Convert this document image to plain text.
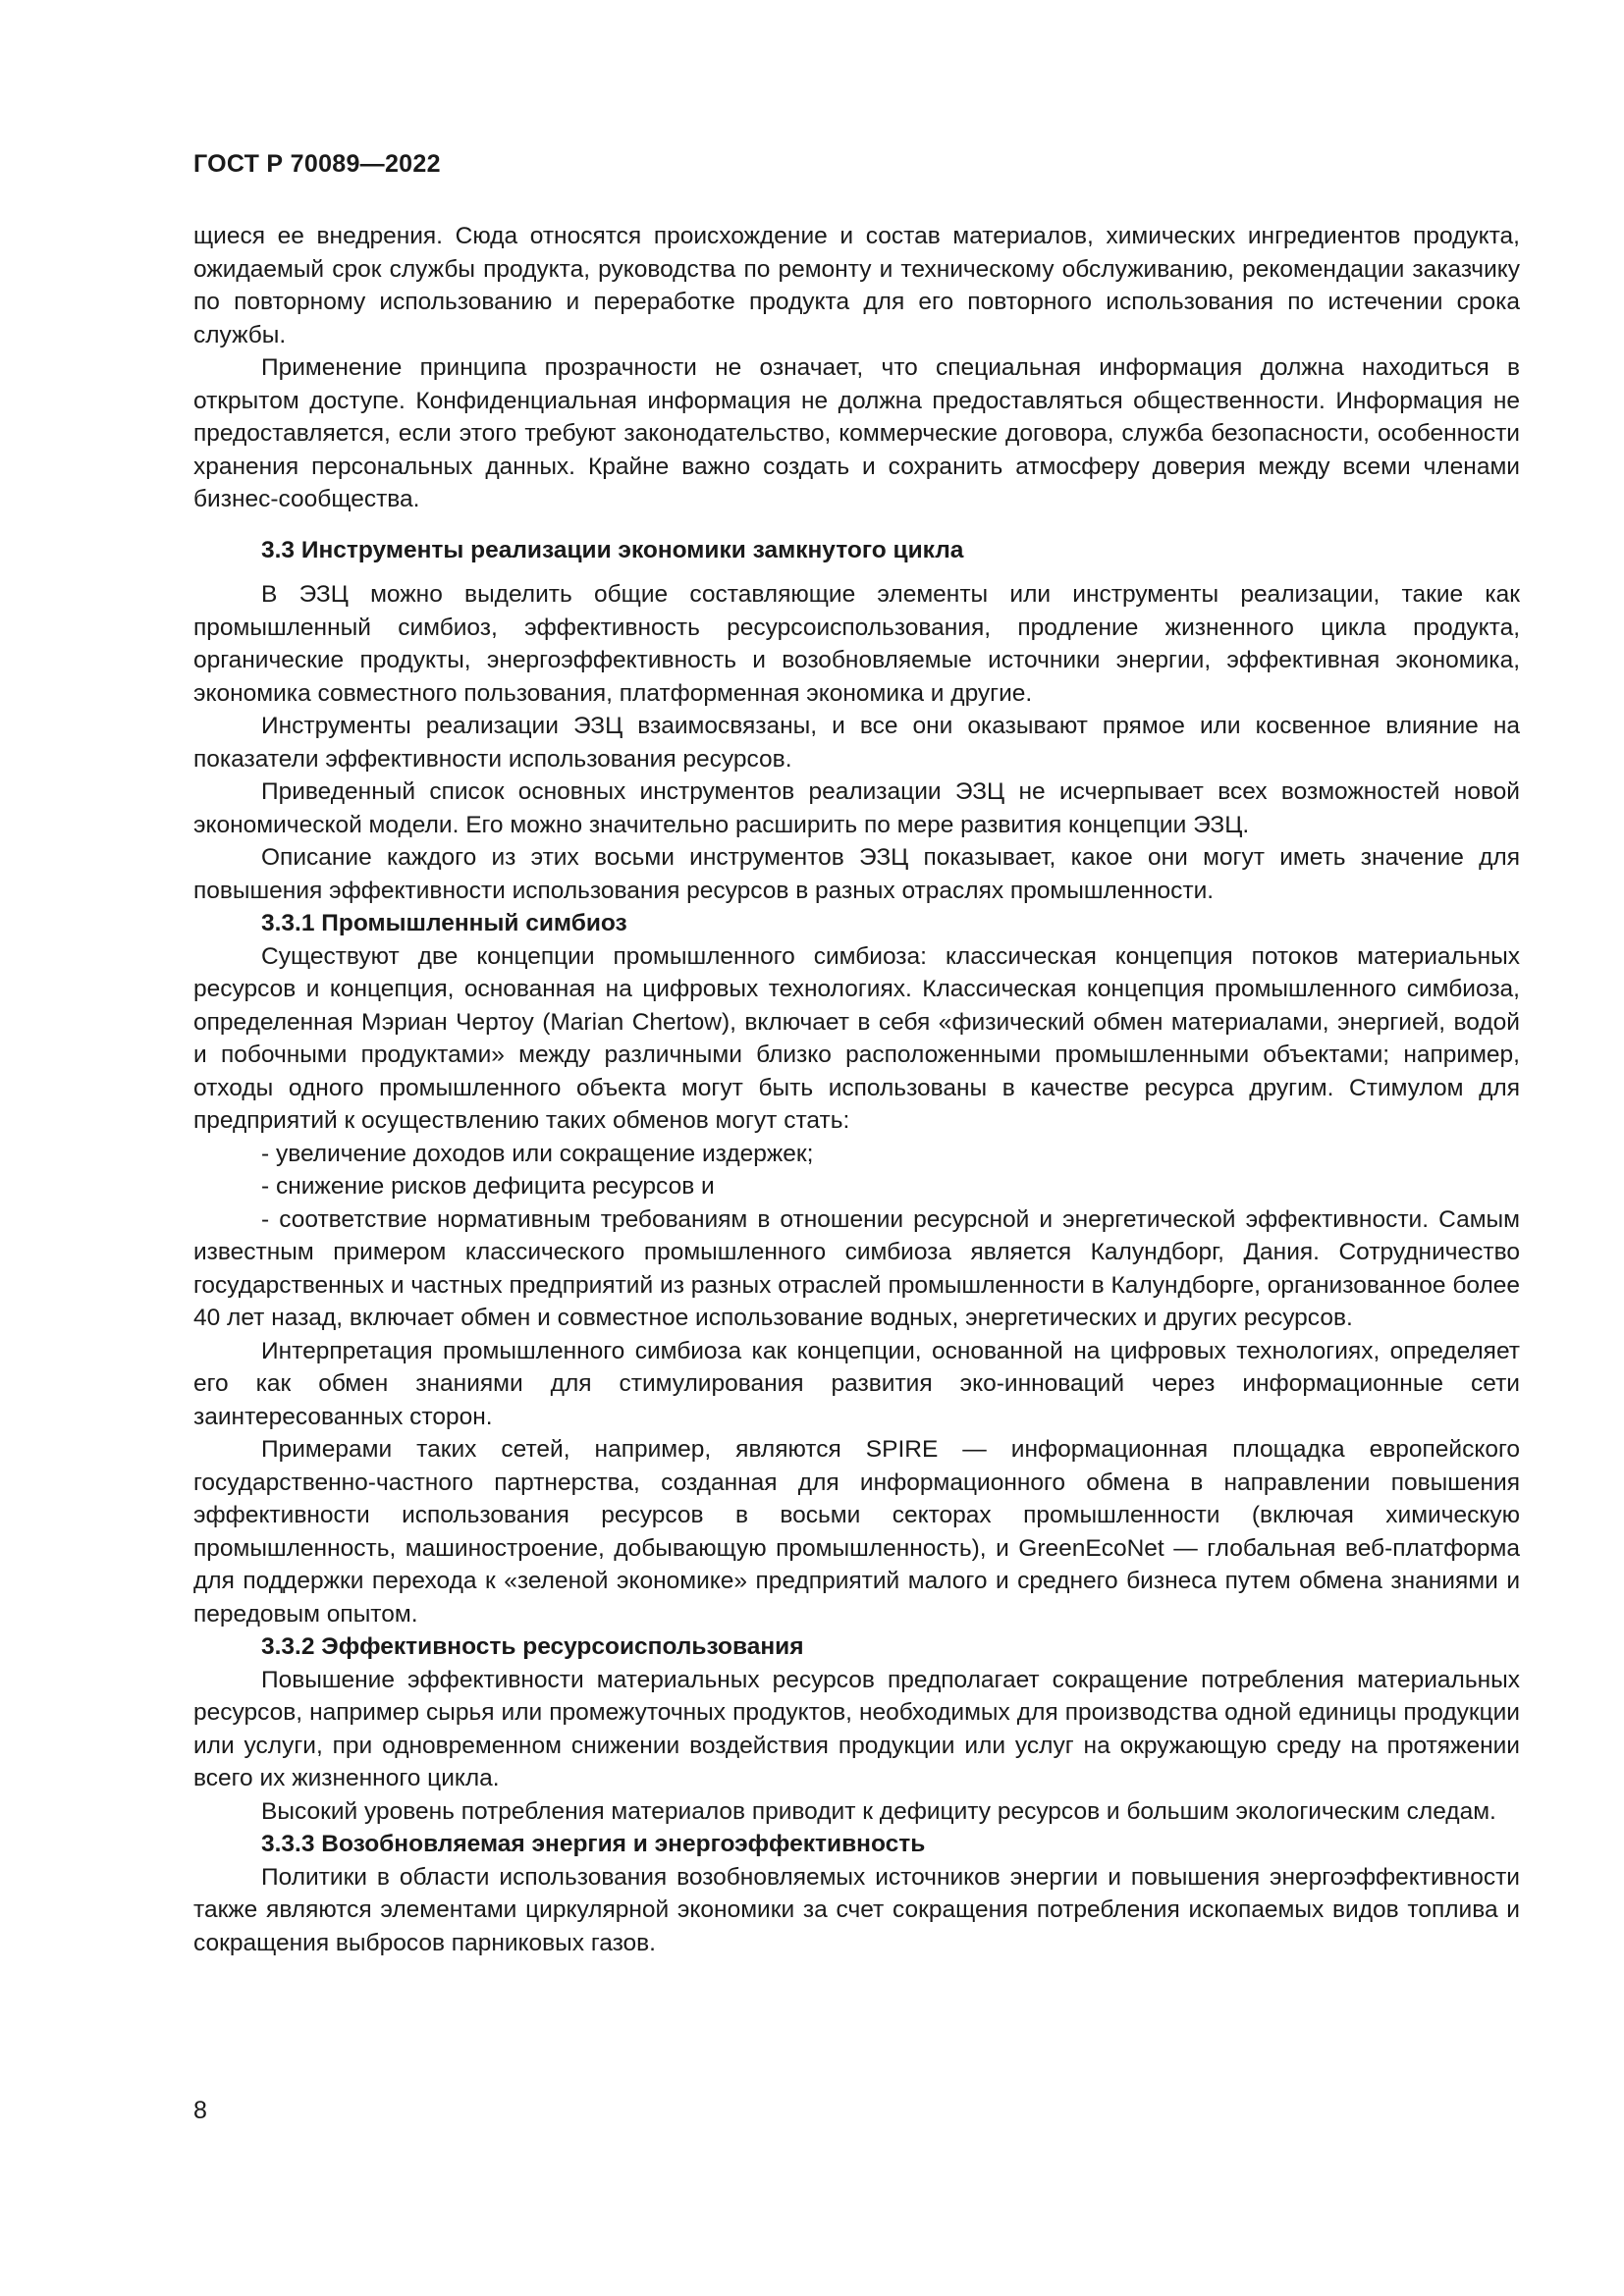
ГОСТ Р 70089—2022

щиеся ее внедрения. Сюда относятся происхождение и состав материалов, химических ингредиентов продукта, ожидаемый срок службы продукта, руководства по ремонту и техническому обслуживанию, рекомендации заказчику по повторному использованию и переработке продукта для его повторного использования по истечении срока службы.

Применение принципа прозрачности не означает, что специальная информация должна находиться в открытом доступе. Конфиденциальная информация не должна предоставляться общественности. Информация не предоставляется, если этого требуют законодательство, коммерческие договора, служба безопасности, особенности хранения персональных данных. Крайне важно создать и сохранить атмосферу доверия между всеми членами бизнес-сообщества.

3.3 Инструменты реализации экономики замкнутого цикла

В ЭЗЦ можно выделить общие составляющие элементы или инструменты реализации, такие как промышленный симбиоз, эффективность ресурсоиспользования, продление жизненного цикла продукта, органические продукты, энергоэффективность и возобновляемые источники энергии, эффективная экономика, экономика совместного пользования, платформенная экономика и другие.

Инструменты реализации ЭЗЦ взаимосвязаны, и все они оказывают прямое или косвенное влияние на показатели эффективности использования ресурсов.

Приведенный список основных инструментов реализации ЭЗЦ не исчерпывает всех возможностей новой экономической модели. Его можно значительно расширить по мере развития концепции ЭЗЦ.

Описание каждого из этих восьми инструментов ЭЗЦ показывает, какое они могут иметь значение для повышения эффективности использования ресурсов в разных отраслях промышленности.

3.3.1 Промышленный симбиоз

Существуют две концепции промышленного симбиоза: классическая концепция потоков материальных ресурсов и концепция, основанная на цифровых технологиях. Классическая концепция промышленного симбиоза, определенная Мэриан Чертоу (Marian Chertow), включает в себя «физический обмен материалами, энергией, водой и побочными продуктами» между различными близко расположенными промышленными объектами; например, отходы одного промышленного объекта могут быть использованы в качестве ресурса другим. Стимулом для предприятий к осуществлению таких обменов могут стать:

- увеличение доходов или сокращение издержек;

- снижение рисков дефицита ресурсов и

- соответствие нормативным требованиям в отношении ресурсной и энергетической эффективности. Самым известным примером классического промышленного симбиоза является Калундборг, Дания. Сотрудничество государственных и частных предприятий из разных отраслей промышленности в Калундборге, организованное более 40 лет назад, включает обмен и совместное использование водных, энергетических и других ресурсов.

Интерпретация промышленного симбиоза как концепции, основанной на цифровых технологиях, определяет его как обмен знаниями для стимулирования развития эко-инноваций через информационные сети заинтересованных сторон.

Примерами таких сетей, например, являются SPIRE — информационная площадка европейского государственно-частного партнерства, созданная для информационного обмена в направлении повышения эффективности использования ресурсов в восьми секторах промышленности (включая химическую промышленность, машиностроение, добывающую промышленность), и GreenEcoNet — глобальная веб-платформа для поддержки перехода к «зеленой экономике» предприятий малого и среднего бизнеса путем обмена знаниями и передовым опытом.

3.3.2 Эффективность ресурсоиспользования

Повышение эффективности материальных ресурсов предполагает сокращение потребления материальных ресурсов, например сырья или промежуточных продуктов, необходимых для производства одной единицы продукции или услуги, при одновременном снижении воздействия продукции или услуг на окружающую среду на протяжении всего их жизненного цикла.

Высокий уровень потребления материалов приводит к дефициту ресурсов и большим экологическим следам.

3.3.3 Возобновляемая энергия и энергоэффективность

Политики в области использования возобновляемых источников энергии и повышения энергоэффективности также являются элементами циркулярной экономики за счет сокращения потребления ископаемых видов топлива и сокращения выбросов парниковых газов.

8
